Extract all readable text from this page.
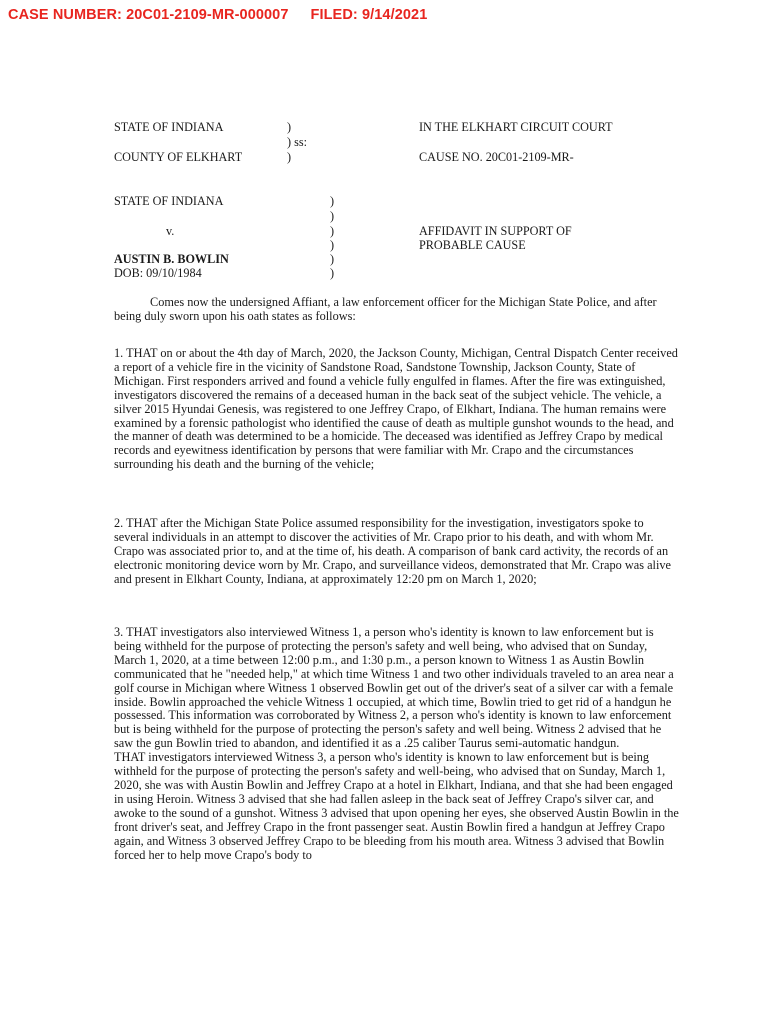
CASE NUMBER: 20C01-2109-MR-000007 FILED: 9/14/2021
STATE OF INDIANA
COUNTY OF ELKHART
)
) ss:
)
IN THE ELKHART CIRCUIT COURT
CAUSE NO. 20C01-2109-MR-
STATE OF INDIANA
v.
AUSTIN B. BOWLIN
DOB: 09/10/1984
)
)
)
)
)
)
AFFIDAVIT IN SUPPORT OF
PROBABLE CAUSE

Comes now the undersigned Affiant, a law enforcement officer for the Michigan State Police, and after being duly sworn upon his oath states as follows:

1. THAT on or about the 4th day of March, 2020, the Jackson County, Michigan, Central Dispatch Center received a report of a vehicle fire in the vicinity of Sandstone Road, Sandstone Township, Jackson County, State of Michigan. First responders arrived and found a vehicle fully engulfed in flames. After the fire was extinguished, investigators discovered the remains of a deceased human in the back seat of the subject vehicle. The vehicle, a silver 2015 Hyundai Genesis, was registered to one Jeffrey Crapo, of Elkhart, Indiana. The human remains were examined by a forensic pathologist who identified the cause of death as multiple gunshot wounds to the head, and the manner of death was determined to be a homicide. The deceased was identified as Jeffrey Crapo by medical records and eyewitness identification by persons that were familiar with Mr. Crapo and the circumstances surrounding his death and the burning of the vehicle;

2. THAT after the Michigan State Police assumed responsibility for the investigation, investigators spoke to several individuals in an attempt to discover the activities of Mr. Crapo prior to his death, and with whom Mr. Crapo was associated prior to, and at the time of, his death. A comparison of bank card activity, the records of an electronic monitoring device worn by Mr. Crapo, and surveillance videos, demonstrated that Mr. Crapo was alive and present in Elkhart County, Indiana, at approximately 12:20 pm on March 1, 2020;

3. THAT investigators also interviewed Witness 1, a person who's identity is known to law enforcement but is being withheld for the purpose of protecting the person's safety and well being, who advised that on Sunday, March 1, 2020, at a time between 12:00 p.m., and 1:30 p.m., a person known to Witness 1 as Austin Bowlin communicated that he "needed help," at which time Witness 1 and two other individuals traveled to an area near a golf course in Michigan where Witness 1 observed Bowlin get out of the driver's seat of a silver car with a female inside. Bowlin approached the vehicle Witness 1 occupied, at which time, Bowlin tried to get rid of a handgun he possessed. This information was corroborated by Witness 2, a person who's identity is known to law enforcement but is being withheld for the purpose of protecting the person's safety and well being. Witness 2 advised that he saw the gun Bowlin tried to abandon, and identified it as a .25 caliber Taurus semi-automatic handgun.

THAT investigators interviewed Witness 3, a person who's identity is known to law enforcement but is being withheld for the purpose of protecting the person's safety and well-being, who advised that on Sunday, March 1, 2020, she was with Austin Bowlin and Jeffrey Crapo at a hotel in Elkhart, Indiana, and that she had been engaged in using Heroin. Witness 3 advised that she had fallen asleep in the back seat of Jeffrey Crapo's silver car, and awoke to the sound of a gunshot. Witness 3 advised that upon opening her eyes, she observed Austin Bowlin in the front driver's seat, and Jeffrey Crapo in the front passenger seat. Austin Bowlin fired a handgun at Jeffrey Crapo again, and Witness 3 observed Jeffrey Crapo to be bleeding from his mouth area. Witness 3 advised that Bowlin forced her to help move Crapo's body to
